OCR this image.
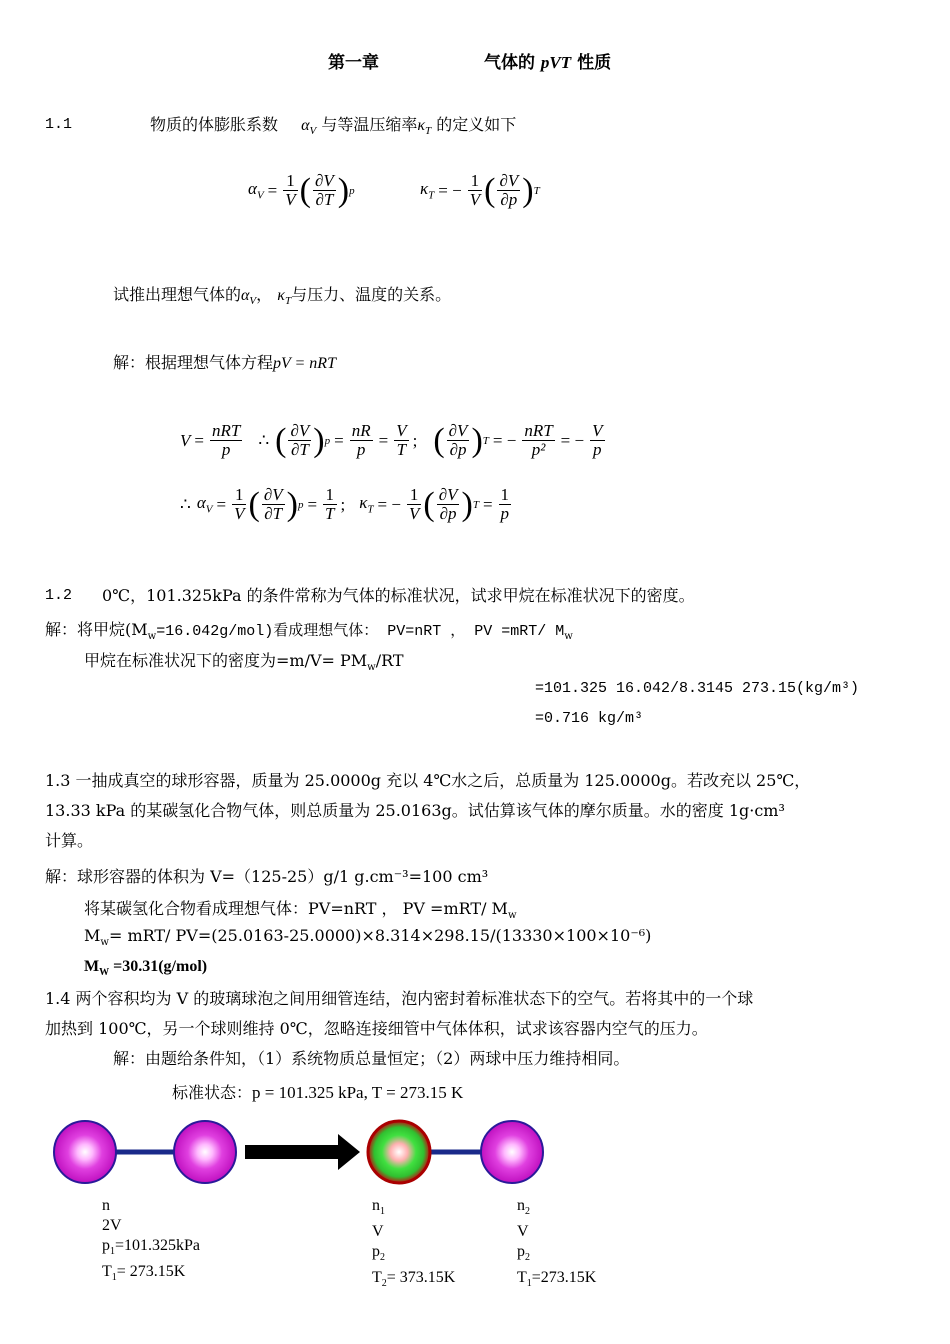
第一章	气体的 pVT 性质
1.1	物质的体膨胀系数 $\alpha_V$ 与等温压缩率$\kappa_T$ 的定义如下
$\alpha_V = \frac{1}{V}$ ( $\frac{\partial V}{\partial T}$ ) p	$\kappa_T$ = − $\frac{1}{V}$ ( $\frac{\partial V}{\partial p}$ ) T
试推出理想气体的$\alpha_V$， $\kappa_T$与压力、温度的关系。
解：根据理想气体方程pV = nRT
$V = \frac{\text{nRT}}{p}$ ∴ ( $\frac{\partial V}{\partial T}$ ) $p = \frac{nR}{p} = \frac{V}{T}$ ; ( $\frac{\partial V}{\partial p}$ ) T = − $\frac{\text{nRT}}{\text{p²}}$ = − $\frac{V}{p}$
∴ $\alpha_V = \frac{1}{V}$ ( $\frac{\partial V}{\partial T}$ ) $p = \frac{1}{T}$ ; $\kappa_T$ = − $\frac{1}{V}$ ( $\frac{\partial V}{\partial p}$ ) $T = \frac{1}{p}$
1.2 0℃，101.325kPa 的条件常称为气体的标准状况，试求甲烷在标准状况下的密度。
解：将甲烷$(M_w=16.042g/mol)$看成理想气体： PV=nRT ， PV =mRT/ $M_w$
甲烷在标准状况下的密度为$=m/V= PM_w/RT$
=101.325 16.042/8.3145 273.15(kg/m³)
=0.716 kg/m³
1.3 一抽成真空的球形容器，质量为 25.0000g 充以 4℃水之后，总质量为 125.0000g。若改充以 25℃，
13.33 kPa 的某碳氢化合物气体，则总质量为 25.0163g。试估算该气体的摩尔质量。水的密度 1g·cm³
计算。
解：球形容器的体积为 V=（125-25）g/1 g.cm⁻³=100 cm³
将某碳氢化合物看成理想气体：PV=nRT ， PV =mRT/ $M_w$
$M_w= mRT/$ PV=(25.0163-25.0000)×8.314×298.15/(13330×100×10⁻⁶)
$M_W =30.31(g/mol)$
1.4 两个容积均为 V 的玻璃球泡之间用细管连结，泡内密封着标准状态下的空气。若将其中的一个球
加热到 100℃，另一个球则维持 0℃，忽略连接细管中气体体积，试求该容器内空气的压力。
解：由题给条件知，（1）系统物质总量恒定；（2）两球中压力维持相同。
标准状态：p = 101.325 kPa, T = 273.15 K
n
2V
$p_1=101.325kPa$
$T_1= 273.15K$
$n_1$
V
$p_2$
$T_2= 373.15K$
$n_2$
V
$p_2$
$T_1=273.15K$
